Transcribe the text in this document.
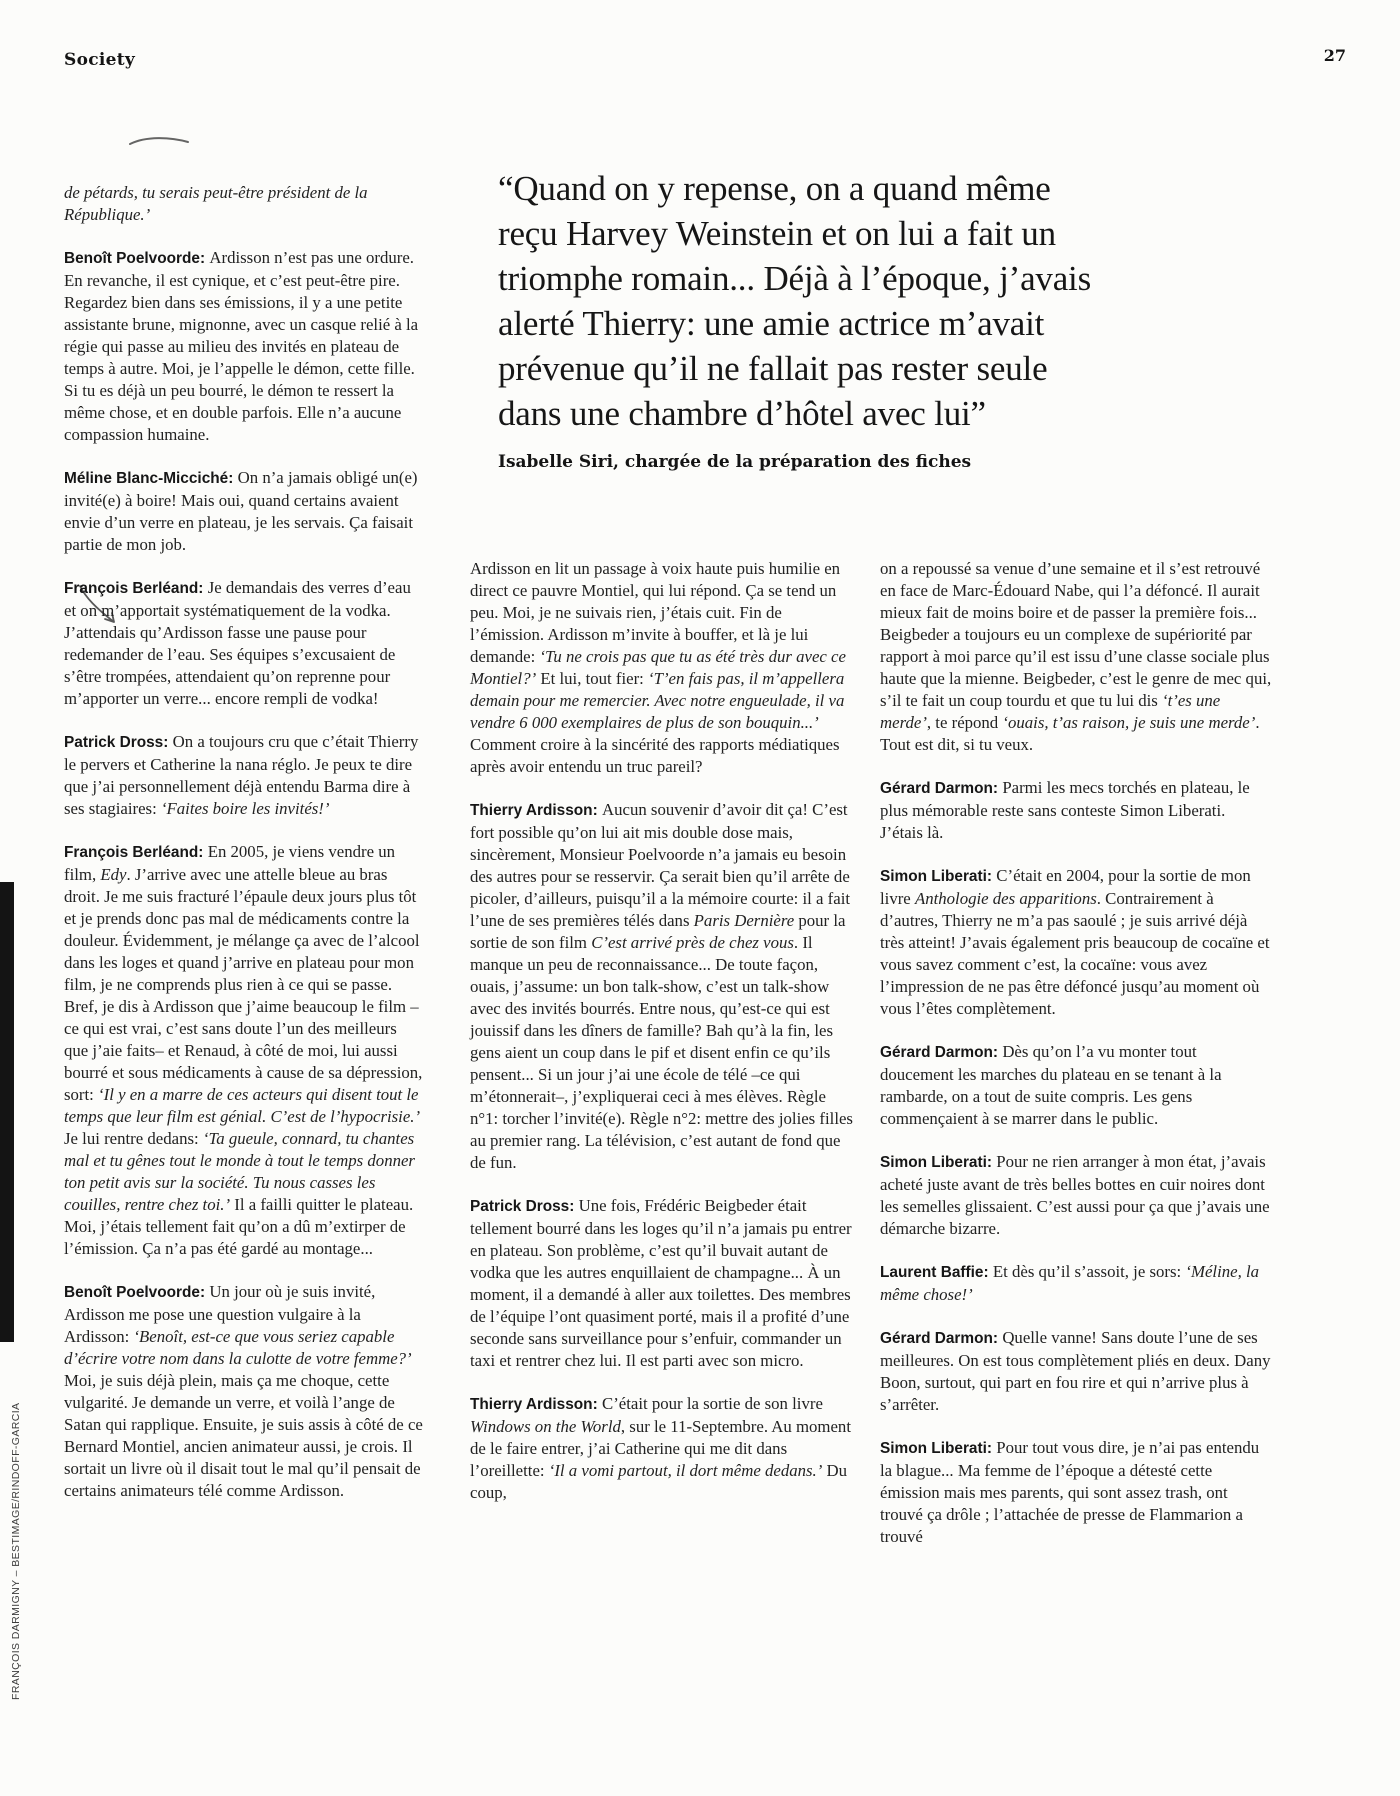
Society	27
FRANÇOIS DARMIGNY – BESTIMAGE/RINDOFF-GARCIA
“Quand on y repense, on a quand même
reçu Harvey Weinstein et on lui a fait un
triomphe romain... Déjà à l’époque, j’avais
alerté Thierry: une amie actrice m’avait
prévenue qu’il ne fallait pas rester seule
dans une chambre d’hôtel avec lui”
Isabelle Siri, chargée de la préparation des fiches

de pétards, tu serais peut-être président de la République.’

Benoît Poelvoorde: Ardisson n’est pas une ordure. En revanche, il est cynique, et c’est peut-être pire. Regardez bien dans ses émissions, il y a une petite assistante brune, mignonne, avec un casque relié à la régie qui passe au milieu des invités en plateau de temps à autre. Moi, je l’appelle le démon, cette fille. Si tu es déjà un peu bourré, le démon te ressert la même chose, et en double parfois. Elle n’a aucune compassion humaine.

Méline Blanc-Micciché: On n’a jamais obligé un(e) invité(e) à boire! Mais oui, quand certains avaient envie d’un verre en plateau, je les servais. Ça faisait partie de mon job.

François Berléand: Je demandais des verres d’eau et on m’apportait systématiquement de la vodka. J’attendais qu’Ardisson fasse une pause pour redemander de l’eau. Ses équipes s’excusaient de s’être trompées, attendaient qu’on reprenne pour m’apporter un verre... encore rempli de vodka!

Patrick Dross: On a toujours cru que c’était Thierry le pervers et Catherine la nana réglo. Je peux te dire que j’ai personnellement déjà entendu Barma dire à ses stagiaires: ‘Faites boire les invités!’

François Berléand: En 2005, je viens vendre un film, Edy. J’arrive avec une attelle bleue au bras droit. Je me suis fracturé l’épaule deux jours plus tôt et je prends donc pas mal de médicaments contre la douleur. Évidemment, je mélange ça avec de l’alcool dans les loges et quand j’arrive en plateau pour mon film, je ne comprends plus rien à ce qui se passe. Bref, je dis à Ardisson que j’aime beaucoup le film –ce qui est vrai, c’est sans doute l’un des meilleurs que j’aie faits– et Renaud, à côté de moi, lui aussi bourré et sous médicaments à cause de sa dépression, sort: ‘Il y en a marre de ces acteurs qui disent tout le temps que leur film est génial. C’est de l’hypocrisie.’ Je lui rentre dedans: ‘Ta gueule, connard, tu chantes mal et tu gênes tout le monde à tout le temps donner ton petit avis sur la société. Tu nous casses les couilles, rentre chez toi.’ Il a failli quitter le plateau. Moi, j’étais tellement fait qu’on a dû m’extirper de l’émission. Ça n’a pas été gardé au montage...

Benoît Poelvoorde: Un jour où je suis invité, Ardisson me pose une question vulgaire à la Ardisson: ‘Benoît, est-ce que vous seriez capable d’écrire votre nom dans la culotte de votre femme?’ Moi, je suis déjà plein, mais ça me choque, cette vulgarité. Je demande un verre, et voilà l’ange de Satan qui rapplique. Ensuite, je suis assis à côté de ce Bernard Montiel, ancien animateur aussi, je crois. Il sortait un livre où il disait tout le mal qu’il pensait de certains animateurs télé comme Ardisson.

Ardisson en lit un passage à voix haute puis humilie en direct ce pauvre Montiel, qui lui répond. Ça se tend un peu. Moi, je ne suivais rien, j’étais cuit. Fin de l’émission. Ardisson m’invite à bouffer, et là je lui demande: ‘Tu ne crois pas que tu as été très dur avec ce Montiel?’ Et lui, tout fier: ‘T’en fais pas, il m’appellera demain pour me remercier. Avec notre engueulade, il va vendre 6 000 exemplaires de plus de son bouquin...’ Comment croire à la sincérité des rapports médiatiques après avoir entendu un truc pareil?

Thierry Ardisson: Aucun souvenir d’avoir dit ça! C’est fort possible qu’on lui ait mis double dose mais, sincèrement, Monsieur Poelvoorde n’a jamais eu besoin des autres pour se resservir. Ça serait bien qu’il arrête de picoler, d’ailleurs, puisqu’il a la mémoire courte: il a fait l’une de ses premières télés dans Paris Dernière pour la sortie de son film C’est arrivé près de chez vous. Il manque un peu de reconnaissance... De toute façon, ouais, j’assume: un bon talk-show, c’est un talk-show avec des invités bourrés. Entre nous, qu’est-ce qui est jouissif dans les dîners de famille? Bah qu’à la fin, les gens aient un coup dans le pif et disent enfin ce qu’ils pensent... Si un jour j’ai une école de télé –ce qui m’étonnerait–, j’expliquerai ceci à mes élèves. Règle n°1: torcher l’invité(e). Règle n°2: mettre des jolies filles au premier rang. La télévision, c’est autant de fond que de fun.

Patrick Dross: Une fois, Frédéric Beigbeder était tellement bourré dans les loges qu’il n’a jamais pu entrer en plateau. Son problème, c’est qu’il buvait autant de vodka que les autres enquillaient de champagne... À un moment, il a demandé à aller aux toilettes. Des membres de l’équipe l’ont quasiment porté, mais il a profité d’une seconde sans surveillance pour s’enfuir, commander un taxi et rentrer chez lui. Il est parti avec son micro.

Thierry Ardisson: C’était pour la sortie de son livre Windows on the World, sur le 11-Septembre. Au moment de le faire entrer, j’ai Catherine qui me dit dans l’oreillette: ‘Il a vomi partout, il dort même dedans.’ Du coup,

on a repoussé sa venue d’une semaine et il s’est retrouvé en face de Marc-Édouard Nabe, qui l’a défoncé. Il aurait mieux fait de moins boire et de passer la première fois... Beigbeder a toujours eu un complexe de supériorité par rapport à moi parce qu’il est issu d’une classe sociale plus haute que la mienne. Beigbeder, c’est le genre de mec qui, s’il te fait un coup tourdu et que tu lui dis ‘t’es une merde’, te répond ‘ouais, t’as raison, je suis une merde’. Tout est dit, si tu veux.

Gérard Darmon: Parmi les mecs torchés en plateau, le plus mémorable reste sans conteste Simon Liberati. J’étais là.

Simon Liberati: C’était en 2004, pour la sortie de mon livre Anthologie des apparitions. Contrairement à d’autres, Thierry ne m’a pas saoulé ; je suis arrivé déjà très atteint! J’avais également pris beaucoup de cocaïne et vous savez comment c’est, la cocaïne: vous avez l’impression de ne pas être défoncé jusqu’au moment où vous l’êtes complètement.

Gérard Darmon: Dès qu’on l’a vu monter tout doucement les marches du plateau en se tenant à la rambarde, on a tout de suite compris. Les gens commençaient à se marrer dans le public.

Simon Liberati: Pour ne rien arranger à mon état, j’avais acheté juste avant de très belles bottes en cuir noires dont les semelles glissaient. C’est aussi pour ça que j’avais une démarche bizarre.

Laurent Baffie: Et dès qu’il s’assoit, je sors: ‘Méline, la même chose!’

Gérard Darmon: Quelle vanne! Sans doute l’une de ses meilleures. On est tous complètement pliés en deux. Dany Boon, surtout, qui part en fou rire et qui n’arrive plus à s’arrêter.

Simon Liberati: Pour tout vous dire, je n’ai pas entendu la blague... Ma femme de l’époque a détesté cette émission mais mes parents, qui sont assez trash, ont trouvé ça drôle ; l’attachée de presse de Flammarion a trouvé
